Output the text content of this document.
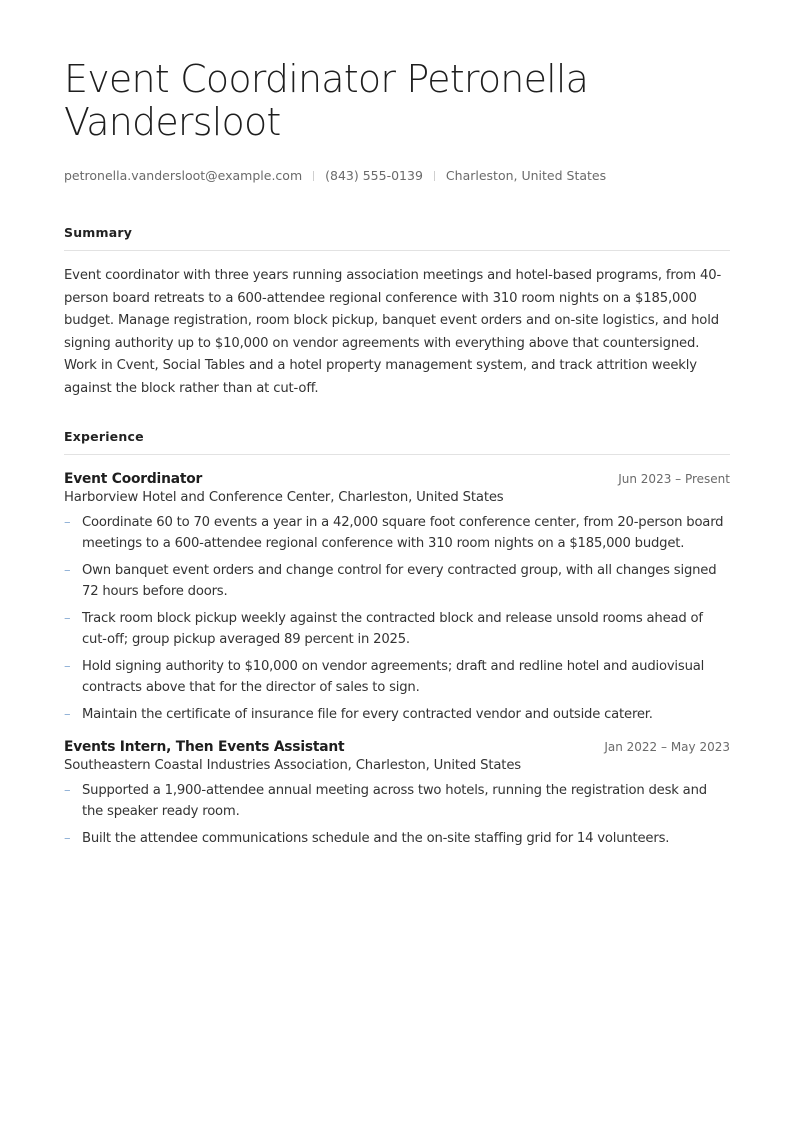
Event Coordinator Petronella Vandersloot
petronella.vandersloot@example.com (843) 555-0139 Charleston, United States
Summary
Event coordinator with three years running association meetings and hotel-based programs, from 40-person board retreats to a 600-attendee regional conference with 310 room nights on a $185,000 budget. Manage registration, room block pickup, banquet event orders and on-site logistics, and hold signing authority up to $10,000 on vendor agreements with everything above that countersigned. Work in Cvent, Social Tables and a hotel property management system, and track attrition weekly against the block rather than at cut-off.
Experience
Event Coordinator	Jun 2023 – Present
Harborview Hotel and Conference Center, Charleston, United States
– Coordinate 60 to 70 events a year in a 42,000 square foot conference center, from 20-person board meetings to a 600-attendee regional conference with 310 room nights on a $185,000 budget.
– Own banquet event orders and change control for every contracted group, with all changes signed 72 hours before doors.
– Track room block pickup weekly against the contracted block and release unsold rooms ahead of cut-off; group pickup averaged 89 percent in 2025.
– Hold signing authority to $10,000 on vendor agreements; draft and redline hotel and audiovisual contracts above that for the director of sales to sign.
– Maintain the certificate of insurance file for every contracted vendor and outside caterer.
Events Intern, Then Events Assistant	Jan 2022 – May 2023
Southeastern Coastal Industries Association, Charleston, United States
– Supported a 1,900-attendee annual meeting across two hotels, running the registration desk and the speaker ready room.
– Built the attendee communications schedule and the on-site staffing grid for 14 volunteers.
